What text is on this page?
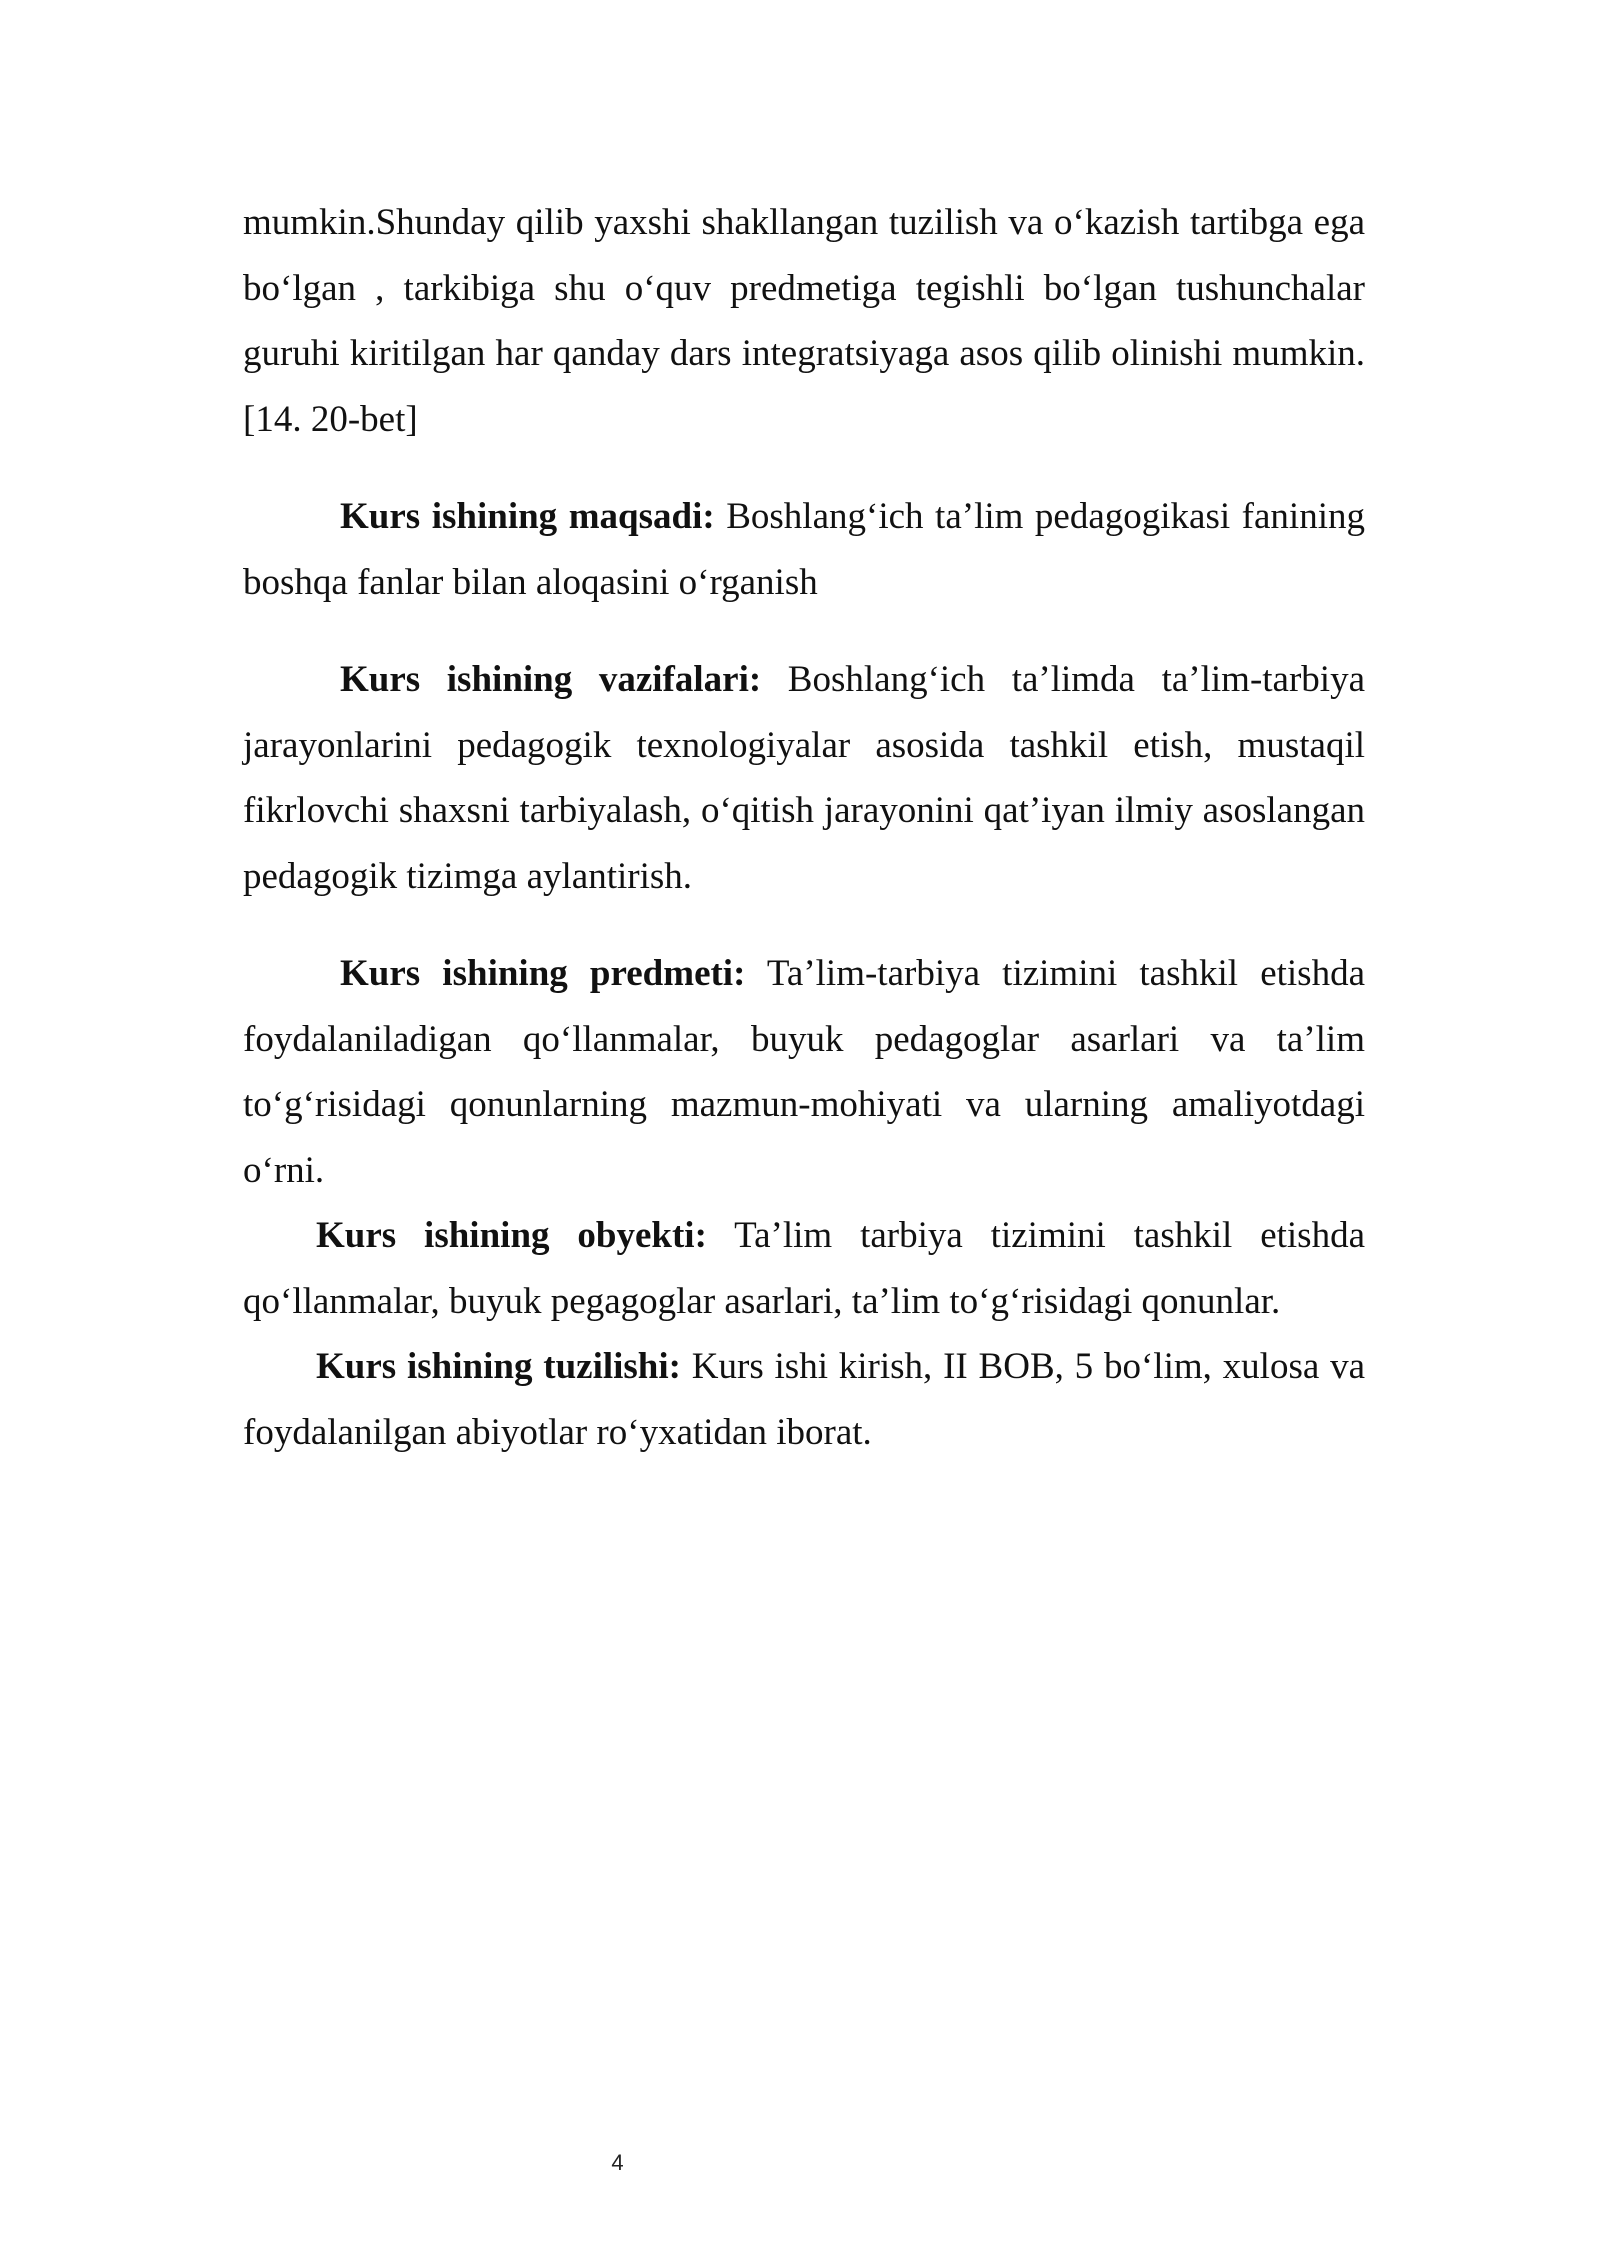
mumkin.Shunday qilib yaxshi shakllangan tuzilish va o‘kazish tartibga ega bo‘lgan , tarkibiga shu o‘quv predmetiga tegishli bo‘lgan tushunchalar guruhi kiritilgan har qanday dars integratsiyaga asos qilib olinishi mumkin. [14. 20-bet]

Kurs ishining maqsadi: Boshlang‘ich ta’lim pedagogikasi fanining boshqa fanlar bilan aloqasini o‘rganish

Kurs ishining vazifalari: Boshlang‘ich ta’limda ta’lim-tarbiya jarayonlarini pedagogik texnologiyalar asosida tashkil etish, mustaqil fikrlovchi shaxsni tarbiyalash, o‘qitish jarayonini qat’iyan ilmiy asoslangan pedagogik tizimga aylantirish.

Kurs ishining predmeti: Ta’lim-tarbiya tizimini tashkil etishda foydalaniladigan qo‘llanmalar, buyuk pedagoglar asarlari va ta’lim to‘g‘risidagi qonunlarning mazmun-mohiyati va ularning amaliyotdagi o‘rni.

Kurs ishining obyekti: Ta’lim tarbiya tizimini tashkil etishda qo‘llanmalar, buyuk pegagoglar asarlari, ta’lim to‘g‘risidagi qonunlar.

Kurs ishining tuzilishi: Kurs ishi kirish, II BOB, 5 bo‘lim, xulosa va foydalanilgan abiyotlar ro‘yxatidan iborat.

4
